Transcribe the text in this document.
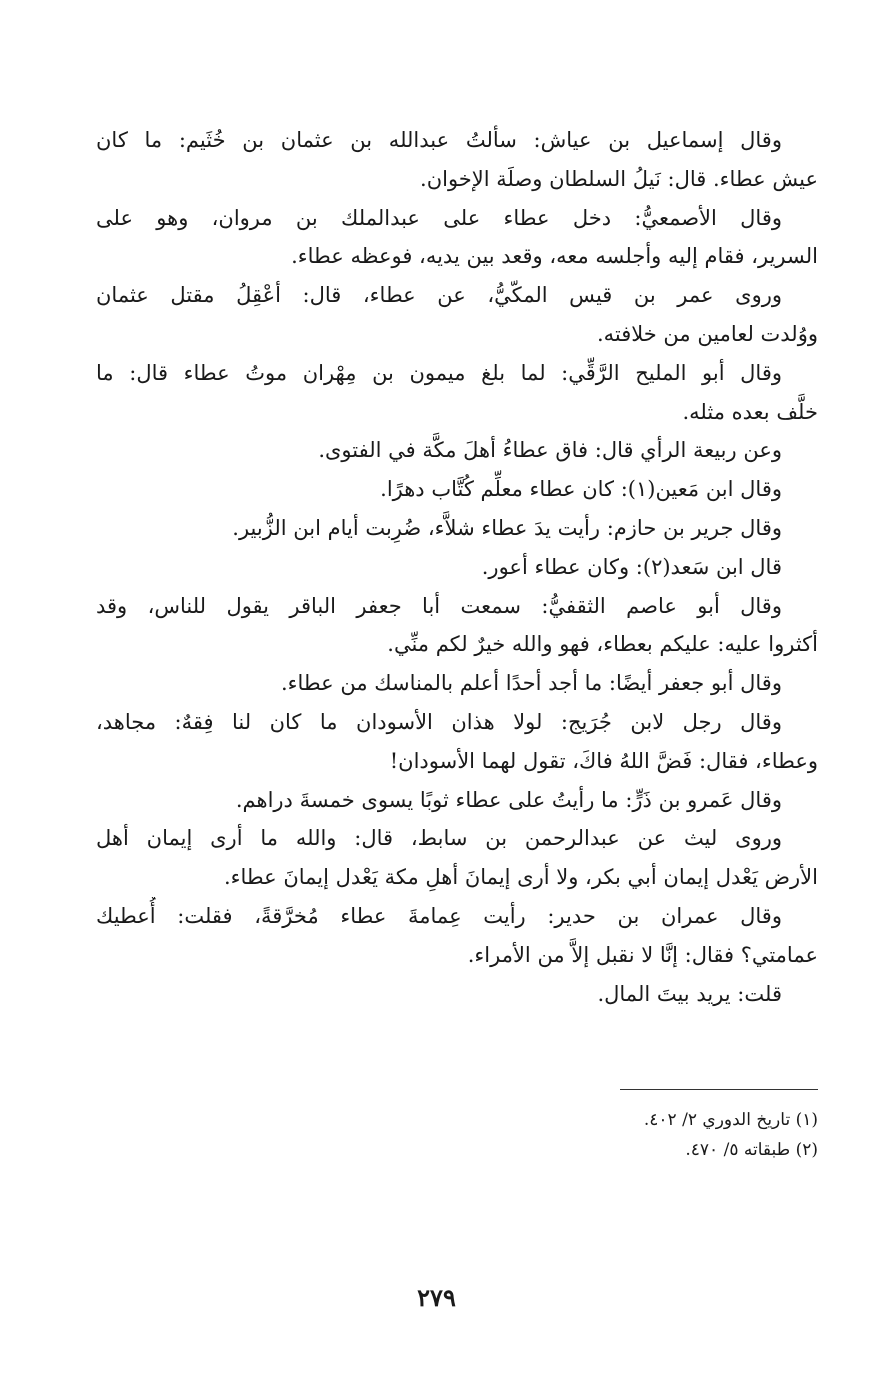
وقال إسماعيل بن عياش: سألتُ عبدالله بن عثمان بن خُثَيم: ما كان
عيش عطاء. قال: نَيلُ السلطان وصلَة الإخوان.
وقال الأصمعيُّ: دخل عطاء على عبدالملك بن مروان، وهو على
السرير، فقام إليه وأجلسه معه، وقعد بين يديه، فوعظه عطاء.
وروى عمر بن قيس المكّيُّ، عن عطاء، قال: أعْقِلُ مقتل عثمان
ووُلدت لعامين من خلافته.
وقال أبو المليح الرَّقِّي: لما بلغ ميمون بن مِهْران موتُ عطاء قال: ما
خلَّف بعده مثله.
وعن ربيعة الرأي قال: فاق عطاءُ أهلَ مكَّة في الفتوى.
وقال ابن مَعين(١): كان عطاء معلِّم كُتَّاب دهرًا.
وقال جرير بن حازم: رأيت يدَ عطاء شلاَّء، ضُرِبت أيام ابن الزُّبير.
قال ابن سَعد(٢): وكان عطاء أعور.
وقال أبو عاصم الثقفيُّ: سمعت أبا جعفر الباقر يقول للناس، وقد
أكثروا عليه: عليكم بعطاء، فهو والله خيرٌ لكم منِّي.
وقال أبو جعفر أيضًا: ما أجد أحدًا أعلم بالمناسك من عطاء.
وقال رجل لابن جُرَيج: لولا هذان الأسودان ما كان لنا فِقهٌ: مجاهد،
وعطاء، فقال: فَضَّ اللهُ فاكَ، تقول لهما الأسودان!
وقال عَمرو بن ذَرٍّ: ما رأيتُ على عطاء ثوبًا يسوى خمسةَ دراهم.
وروى ليث عن عبدالرحمن بن سابط، قال: والله ما أرى إيمان أهل
الأرض يَعْدل إيمان أبي بكر، ولا أرى إيمانَ أهلِ مكة يَعْدل إيمانَ عطاء.
وقال عمران بن حدير: رأيت عِمامةَ عطاء مُخرَّقةً، فقلت: أُعطيك
عمامتي؟ فقال: إنَّا لا نقبل إلاَّ من الأمراء.
قلت: يريد بيتَ المال.
(١) تاريخ الدوري ٢/ ٤٠٢.
(٢) طبقاته ٥/ ٤٧٠.
٢٧٩
